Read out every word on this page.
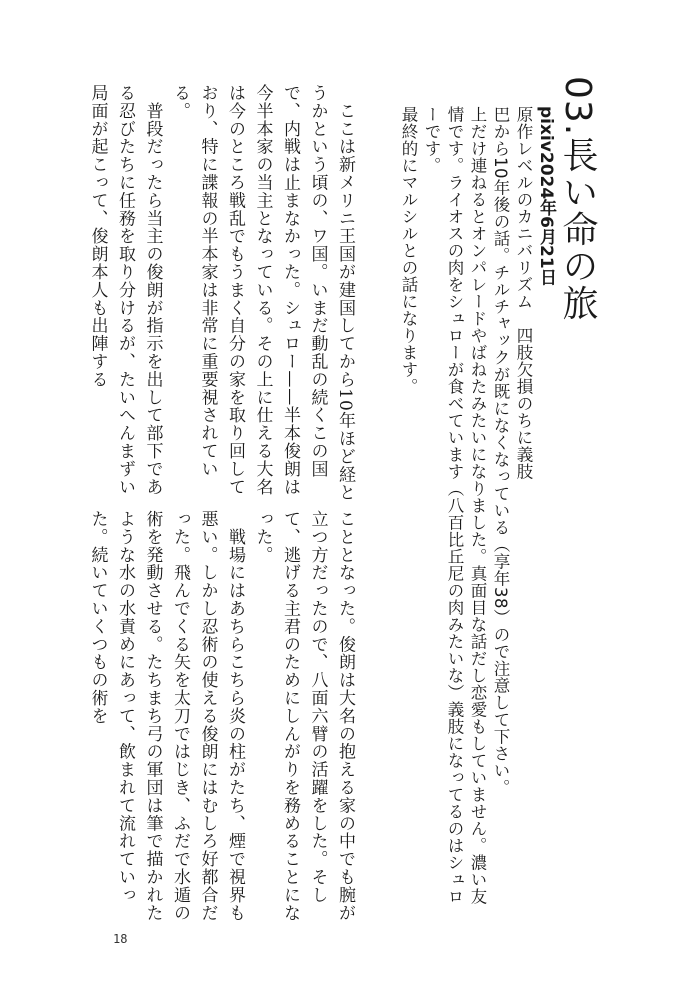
03.長い命の旅
pixiv2024年6月21日
原作レベルのカニバリズム　四肢欠損のちに義肢
巴から10年後の話。チルチャックが既になくなっている（享年38）ので注意して下さい。
上だけ連ねるとオンパレードやばねたみたいになりました。真面目な話だし恋愛もしていません。濃い友情です。ライオスの肉をシュローが食べています（八百比丘尼の肉みたいな）義肢になってるのはシュローです。
最終的にマルシルとの話になります。
　ここは新メリニ王国が建国してから10年ほど経とうかという頃の、ワ国。いまだ動乱の続くこの国で、内戦は止まなかった。シュロー——半本俊朗は今半本家の当主となっている。その上に仕える大名は今のところ戦乱でもうまく自分の家を取り回しており、特に諜報の半本家は非常に重要視されている。
　普段だったら当主の俊朗が指示を出して部下である忍びたちに任務を取り分けるが、たいへんまずい局面が起こって、俊朗本人も出陣する
こととなった。俊朗は大名の抱える家の中でも腕が立つ方だったので、八面六臂の活躍をした。そして、逃げる主君のためにしんがりを務めることになった。
　戦場にはあちらこちら炎の柱がたち、煙で視界も悪い。しかし忍術の使える俊朗にはむしろ好都合だった。飛んでくる矢を太刀ではじき、ふだで水遁の術を発動させる。たちまち弓の軍団は筆で描かれたような水の水責めにあって、飲まれて流れていった。続いていくつもの術を
18
